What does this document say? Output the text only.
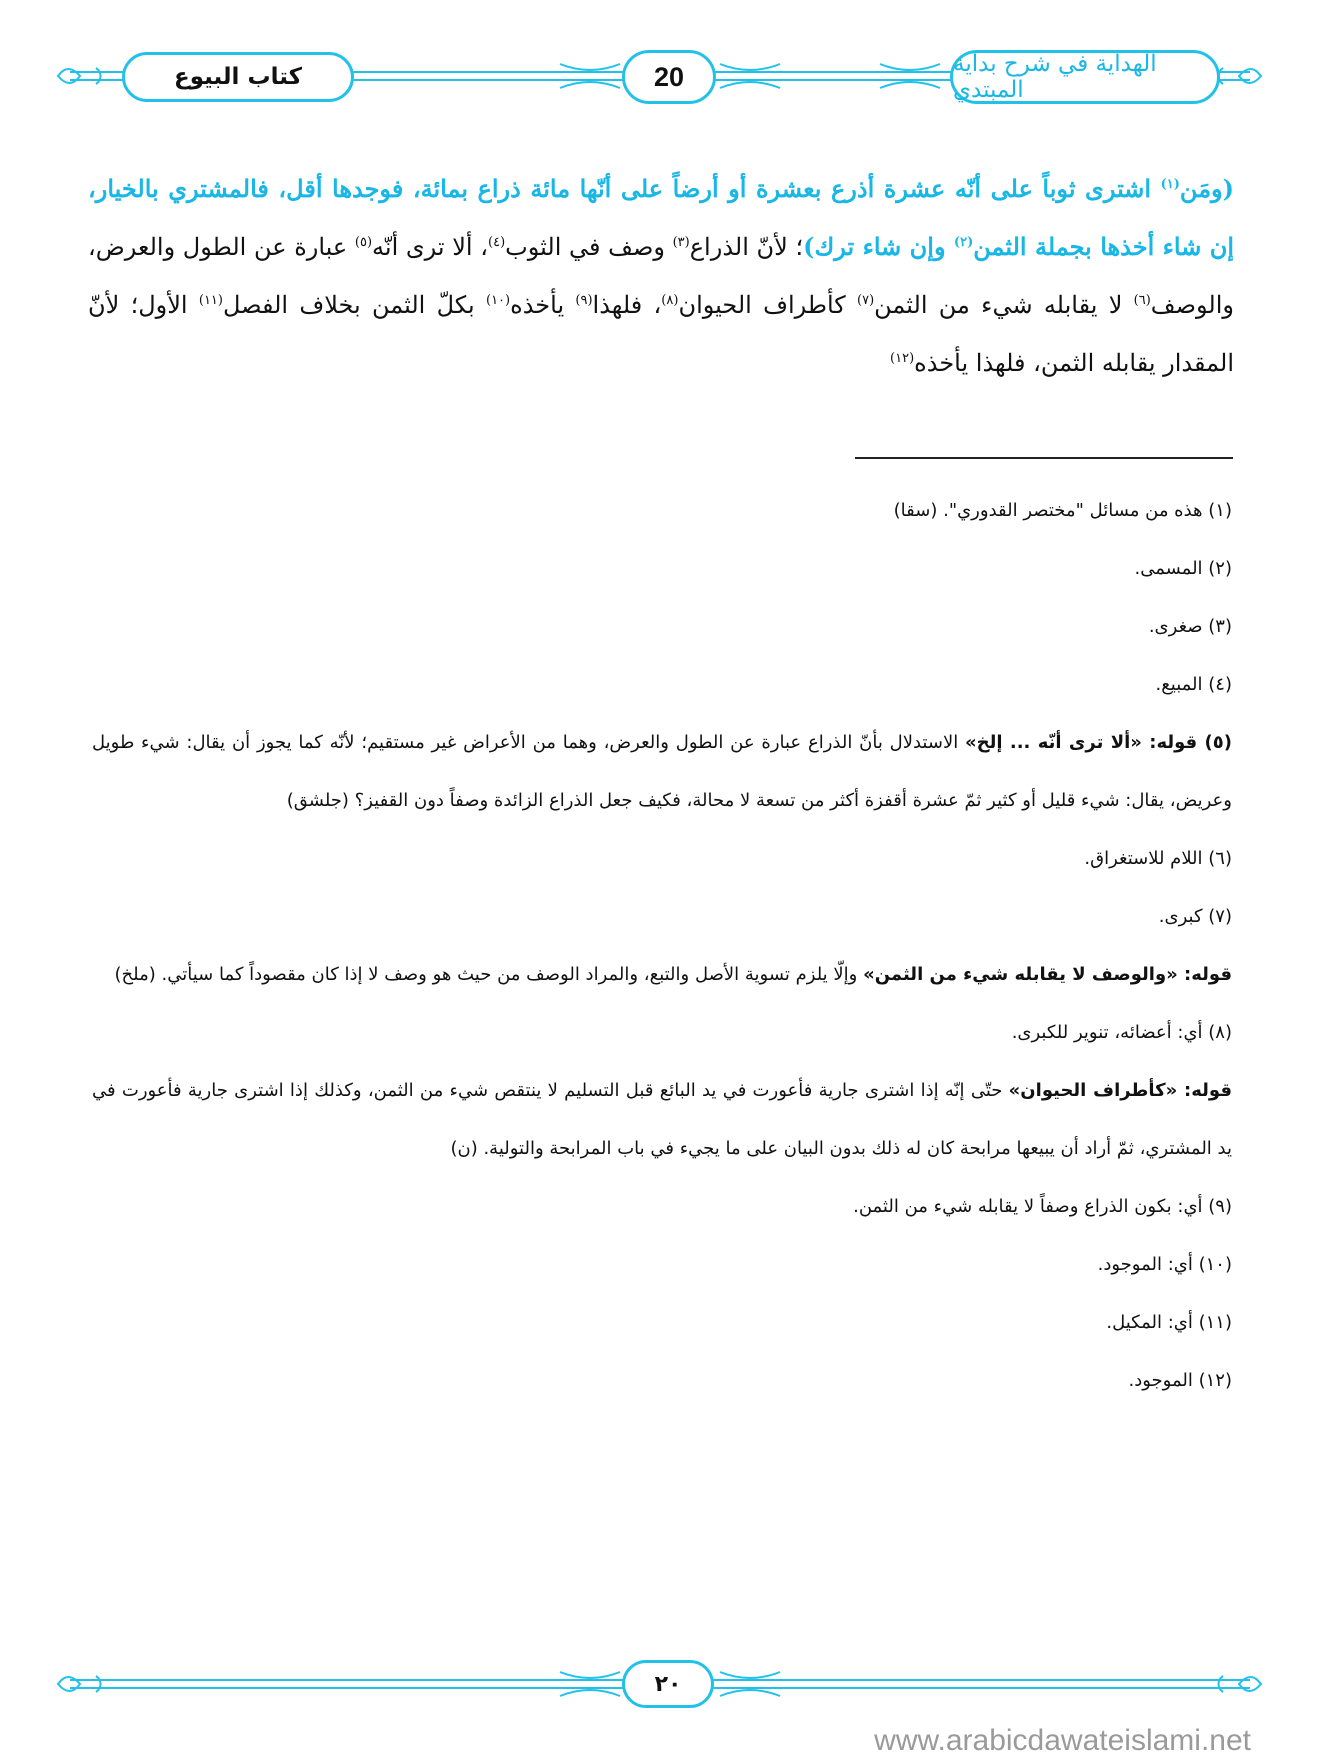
كتاب البيوع	20	الهداية في شرح بداية المبتدي
(ومَن$^{(١)}$ اشترى ثوباً على أنّه عشرة أذرع بعشرة أو أرضاً على أنّها مائة ذراع بمائة، فوجدها أقل، فالمشتري بالخيار، إن شاء أخذها بجملة الثمن$^{(٢)}$ وإن شاء ترك)؛ لأنّ الذراع$^{(٣)}$ وصف في الثوب$^{(٤)}$، ألا ترى أنّه$^{(٥)}$ عبارة عن الطول والعرض، والوصف$^{(٦)}$ لا يقابله شيء من الثمن$^{(٧)}$ كأطراف الحيوان$^{(٨)}$، فلهذا$^{(٩)}$ يأخذه$^{(١٠)}$ بكلّ الثمن بخلاف الفصل$^{(١١)}$ الأول؛ لأنّ المقدار يقابله الثمن، فلهذا يأخذه$^{(١٢)}$

(١) هذه من مسائل "مختصر القدوري". (سقا)

(٢) المسمى.

(٣) صغرى.

(٤) المبيع.

(٥) قوله: «ألا ترى أنّه ... إلخ» الاستدلال بأنّ الذراع عبارة عن الطول والعرض، وهما من الأعراض غير مستقيم؛ لأنّه كما يجوز أن يقال: شيء طويل وعريض، يقال: شيء قليل أو كثير ثمّ عشرة أقفزة أكثر من تسعة لا محالة، فكيف جعل الذراع الزائدة وصفاً دون القفيز؟ (جلشق)

(٦) اللام للاستغراق.

(٧) كبرى.

قوله: «والوصف لا يقابله شيء من الثمن» وإلّا يلزم تسوية الأصل والتبع، والمراد الوصف من حيث هو وصف لا إذا كان مقصوداً كما سيأتي. (ملخ)

(٨) أي: أعضائه، تنوير للكبرى.

قوله: «كأطراف الحيوان» حتّى إنّه إذا اشترى جارية فأعورت في يد البائع قبل التسليم لا ينتقص شيء من الثمن، وكذلك إذا اشترى جارية فأعورت في يد المشتري، ثمّ أراد أن يبيعها مرابحة كان له ذلك بدون البيان على ما يجيء في باب المرابحة والتولية. (ن)

(٩) أي: بكون الذراع وصفاً لا يقابله شيء من الثمن.

(١٠) أي: الموجود.

(١١) أي: المكيل.

(١٢) الموجود.

٢٠
www.arabicdawateislami.net
